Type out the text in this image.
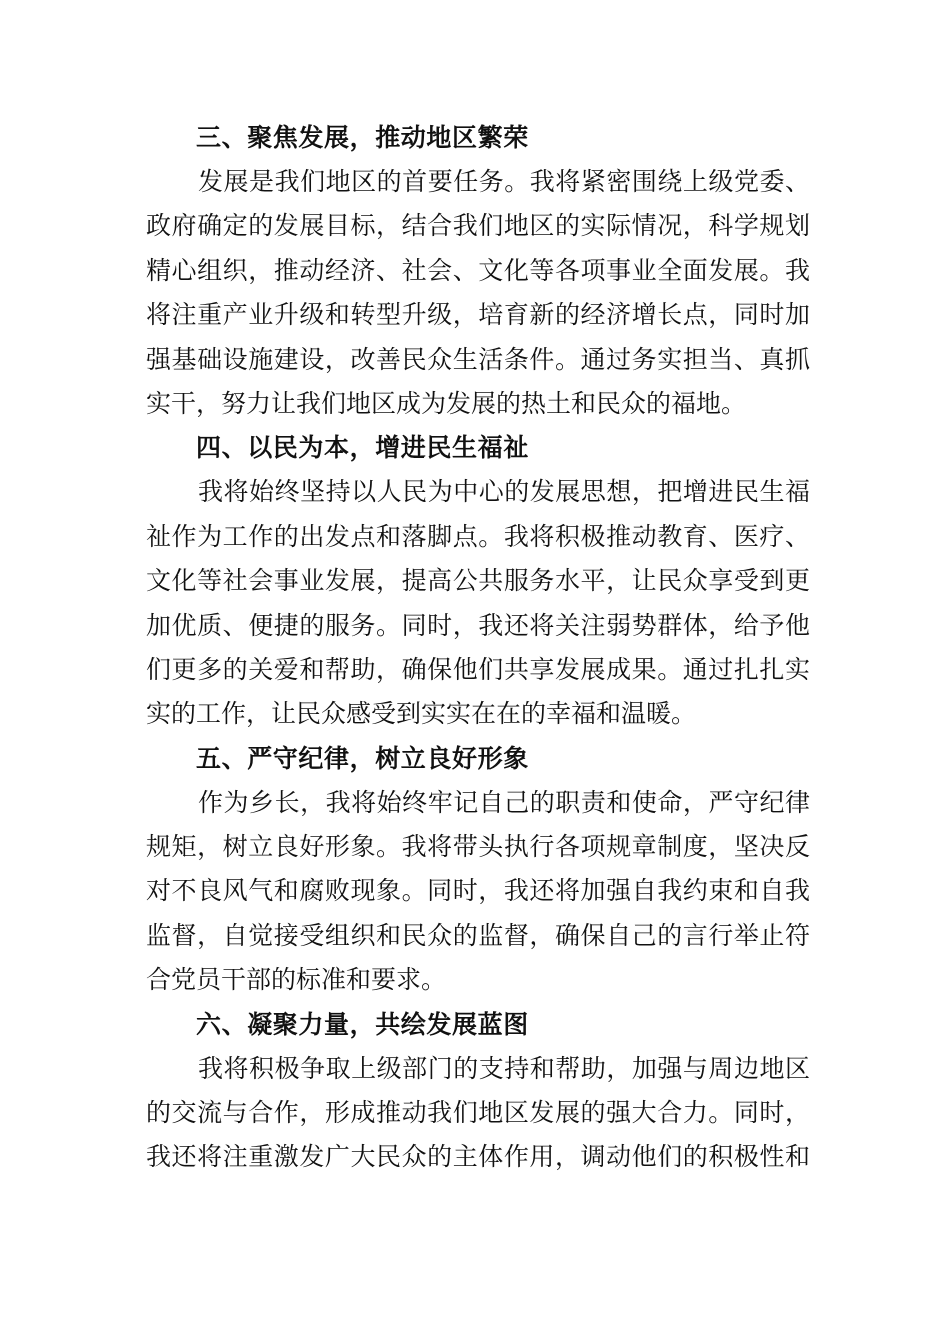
三、聚焦发展，推动地区繁荣

发展是我们地区的首要任务。我将紧密围绕上级党委、

政府确定的发展目标，结合我们地区的实际情况，科学规划

精心组织，推动经济、社会、文化等各项事业全面发展。我

将注重产业升级和转型升级，培育新的经济增长点，同时加

强基础设施建设，改善民众生活条件。通过务实担当、真抓

实干，努力让我们地区成为发展的热土和民众的福地。

四、以民为本，增进民生福祉

我将始终坚持以人民为中心的发展思想，把增进民生福

祉作为工作的出发点和落脚点。我将积极推动教育、医疗、

文化等社会事业发展，提高公共服务水平，让民众享受到更

加优质、便捷的服务。同时，我还将关注弱势群体，给予他

们更多的关爱和帮助，确保他们共享发展成果。通过扎扎实

实的工作，让民众感受到实实在在的幸福和温暖。

五、严守纪律，树立良好形象

作为乡长，我将始终牢记自己的职责和使命，严守纪律

规矩，树立良好形象。我将带头执行各项规章制度，坚决反

对不良风气和腐败现象。同时，我还将加强自我约束和自我

监督，自觉接受组织和民众的监督，确保自己的言行举止符

合党员干部的标准和要求。

六、凝聚力量，共绘发展蓝图

我将积极争取上级部门的支持和帮助，加强与周边地区

的交流与合作，形成推动我们地区发展的强大合力。同时，

我还将注重激发广大民众的主体作用，调动他们的积极性和
